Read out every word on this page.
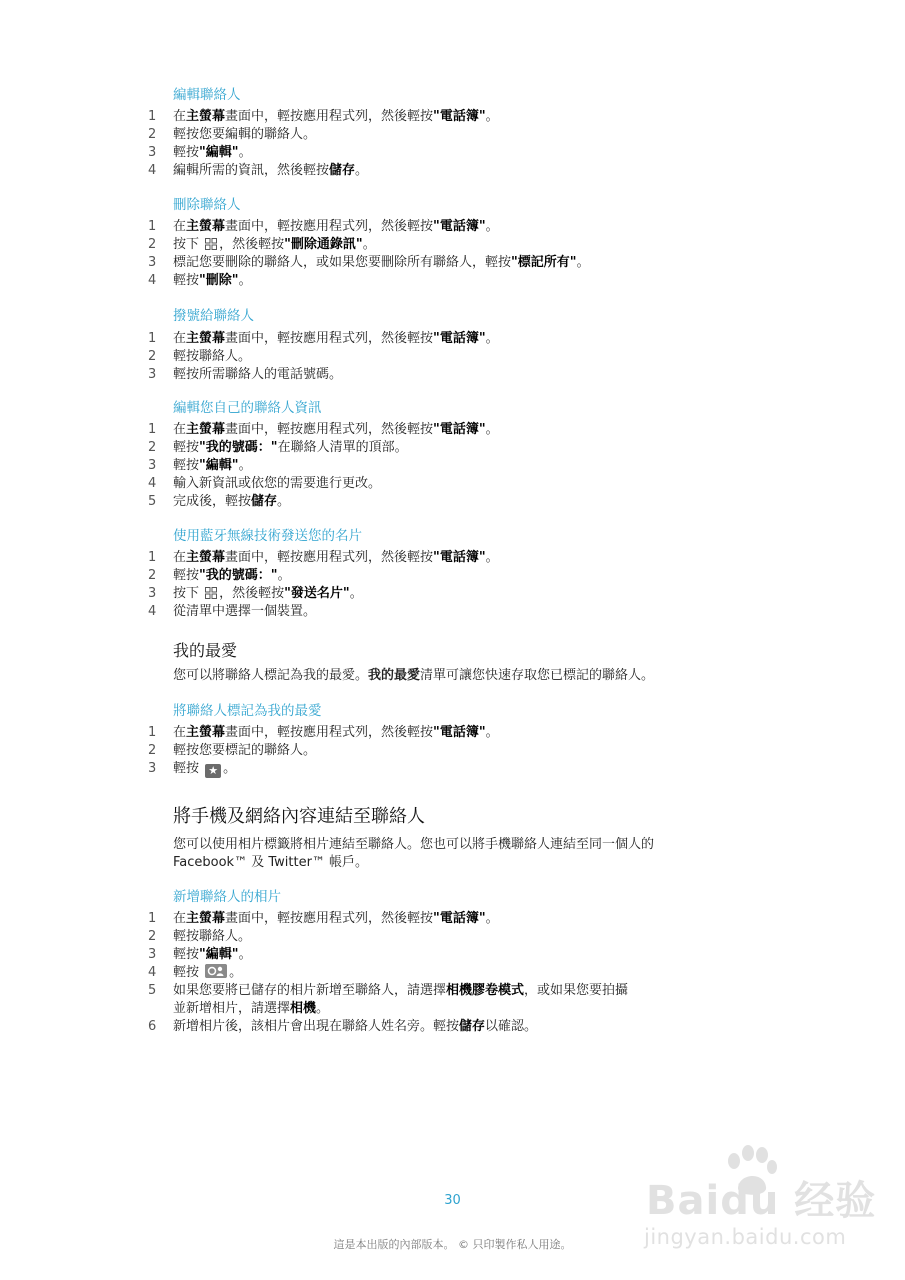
編輯聯絡人
1	在主螢幕畫面中，輕按應用程式列，然後輕按"電話簿"。
2	輕按您要編輯的聯絡人。
3	輕按"編輯"。
4	編輯所需的資訊，然後輕按儲存。
刪除聯絡人
1	在主螢幕畫面中，輕按應用程式列，然後輕按"電話簿"。
2	按下 ，然後輕按"刪除通錄訊"。
3	標記您要刪除的聯絡人，或如果您要刪除所有聯絡人，輕按"標記所有"。
4	輕按"刪除"。
撥號給聯絡人
1	在主螢幕畫面中，輕按應用程式列，然後輕按"電話簿"。
2	輕按聯絡人。
3	輕按所需聯絡人的電話號碼。
編輯您自己的聯絡人資訊
1	在主螢幕畫面中，輕按應用程式列，然後輕按"電話簿"。
2	輕按"我的號碼："在聯絡人清單的頂部。
3	輕按"編輯"。
4	輸入新資訊或依您的需要進行更改。
5	完成後，輕按儲存。
使用藍牙無線技術發送您的名片
1	在主螢幕畫面中，輕按應用程式列，然後輕按"電話簿"。
2	輕按"我的號碼："。
3	按下 ，然後輕按"發送名片"。
4	從清單中選擇一個裝置。
我的最愛

您可以將聯絡人標記為我的最愛。我的最愛清單可讓您快速存取您已標記的聯絡人。

將聯絡人標記為我的最愛
1	在主螢幕畫面中，輕按應用程式列，然後輕按"電話簿"。
2	輕按您要標記的聯絡人。
3	輕按 ★ 。
將手機及網絡內容連結至聯絡人

您可以使用相片標籤將相片連結至聯絡人。您也可以將手機聯絡人連結至同一個人的
Facebook™ 及 Twitter™ 帳戶。

新增聯絡人的相片
1	在主螢幕畫面中，輕按應用程式列，然後輕按"電話簿"。
2	輕按聯絡人。
3	輕按"編輯"。
4	輕按 。
5	如果您要將已儲存的相片新增至聯絡人，請選擇相機膠卷模式，或如果您要拍攝
並新增相片，請選擇相機。
6	新增相片後，該相片會出現在聯絡人姓名旁。輕按儲存以確認。

30

這是本出版的內部版本。 © 只印製作私人用途。

Baidu 经验
jingyan.baidu.com
